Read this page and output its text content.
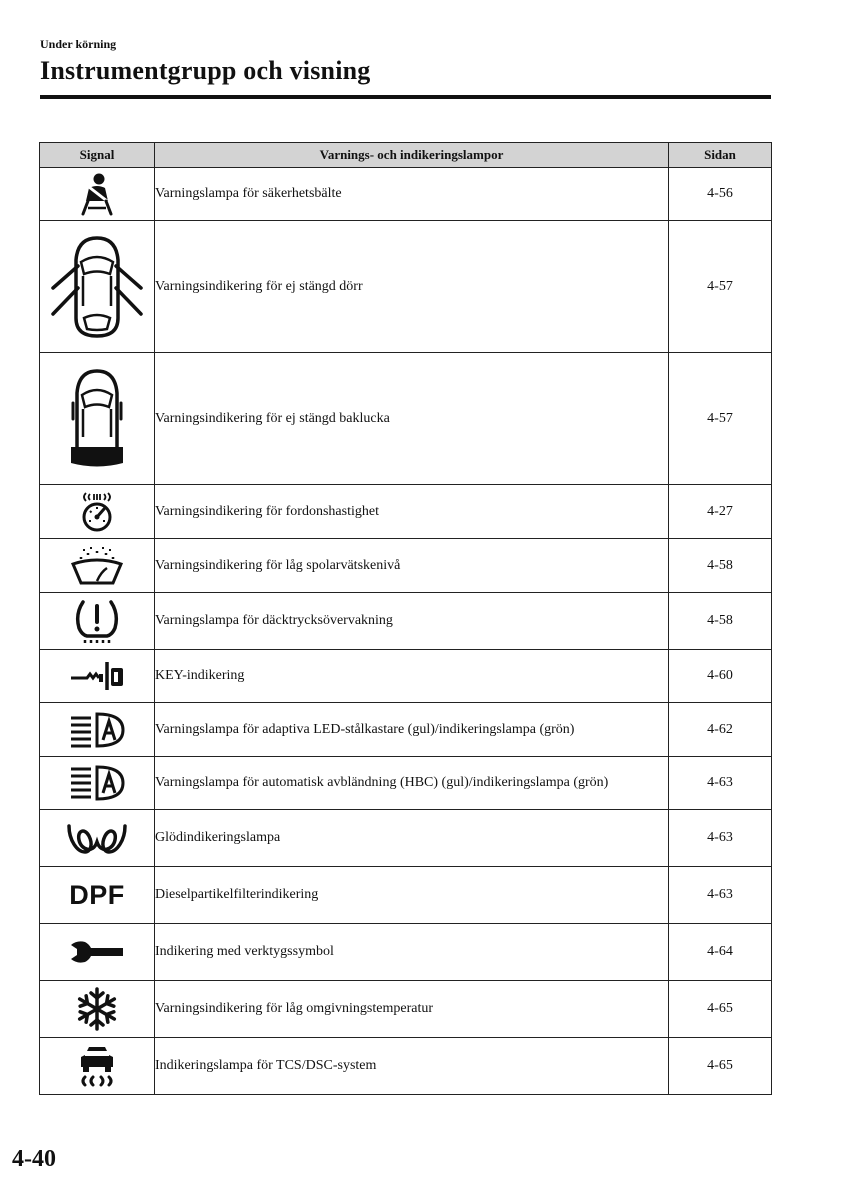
Under körning
Instrumentgrupp och visning
Signal	Varnings- och indikeringslampor	Sidan
	Varningslampa för säkerhetsbälte	4-56
	Varningsindikering för ej stängd dörr	4-57
	Varningsindikering för ej stängd baklucka	4-57
	Varningsindikering för fordonshastighet	4-27
	Varningsindikering för låg spolarvätskenivå	4-58
	Varningslampa för däcktrycksövervakning	4-58
	KEY-indikering	4-60
	Varningslampa för adaptiva LED-stålkastare (gul)/indikeringslampa (grön)	4-62
	Varningslampa för automatisk avbländning (HBC) (gul)/indikeringslampa (grön)	4-63
	Glödindikeringslampa	4-63
DPF	Dieselpartikelfilterindikering	4-63
	Indikering med verktygssymbol	4-64
	Varningsindikering för låg omgivningstemperatur	4-65
	Indikeringslampa för TCS/DSC-system	4-65
4-40
